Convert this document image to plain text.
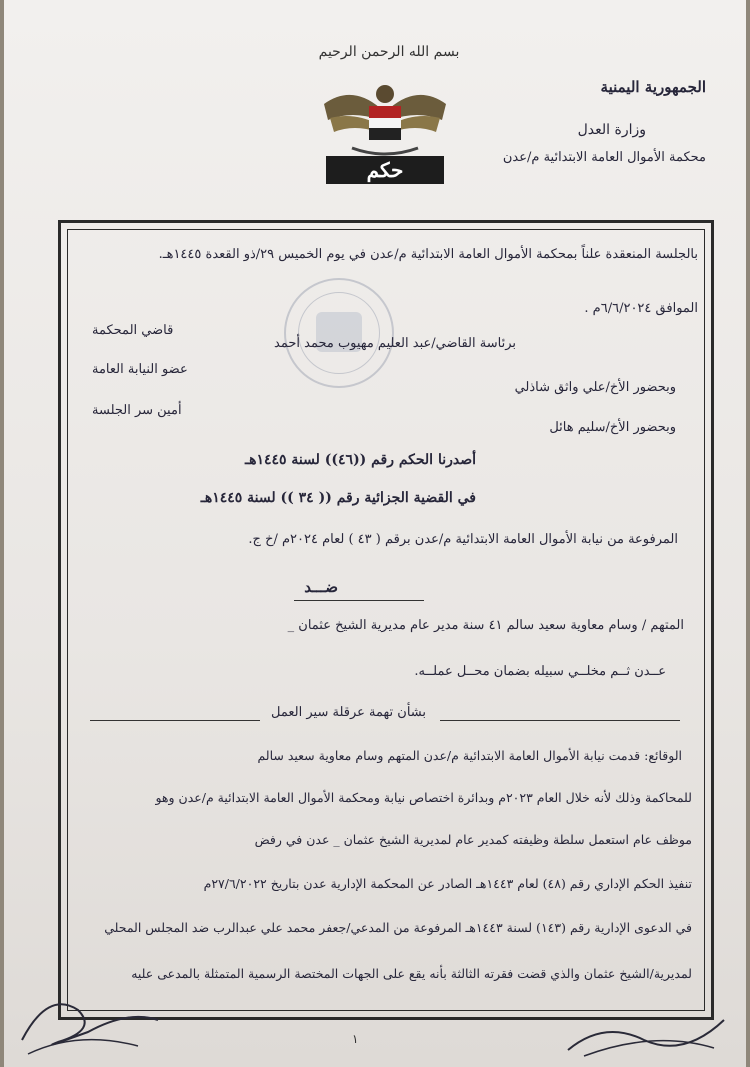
الجمهورية اليمنية
وزارة العدل
محكمة الأموال العامة الابتدائية م/عدن
بسم الله الرحمن الرحيم
حكم
بالجلسة المنعقدة علناً بمحكمة الأموال العامة الابتدائية م/عدن في يوم الخميس ٢٩/ذو القعدة ١٤٤٥هـ.
الموافق ٦/٦/٢٠٢٤م .
برئاسة القاضي/عبد العليم مهيوب محمد أحمد
قاضي المحكمة
وبحضور الأخ/علي واثق شاذلي
عضو النيابة العامة
وبحضور الأخ/سليم هائل
أمين سر الجلسة
أصدرنا الحكم رقم ((٤٦)) لسنة ١٤٤٥هـ
في القضية الجزائية رقم (( ٣٤ )) لسنة ١٤٤٥هـ
المرفوعة من نيابة الأموال العامة الابتدائية م/عدن برقم ( ٤٣ ) لعام ٢٠٢٤م /خ ج.
ضـــد
المتهم / وسام معاوية سعيد سالم ٤١ سنة مدير عام مديرية الشيخ عثمان _
عــدن ثــم مخلــي سبيله بضمان محــل عملــه.
بشأن تهمة عرقلة سير العمل
الوقائع: قدمت نيابة الأموال العامة الابتدائية م/عدن المتهم وسام معاوية سعيد سالم
للمحاكمة وذلك لأنه خلال العام ٢٠٢٣م وبدائرة اختصاص نيابة ومحكمة الأموال العامة الابتدائية م/عدن وهو
موظف عام استعمل سلطة وظيفته كمدير عام لمديرية الشيخ عثمان _ عدن في رفض
تنفيذ الحكم الإداري رقم (٤٨) لعام ١٤٤٣هـ الصادر عن المحكمة الإدارية عدن بتاريخ ٢٧/٦/٢٠٢٢م
في الدعوى الإدارية رقم (١٤٣) لسنة ١٤٤٣هـ المرفوعة من المدعي/جعفر محمد علي عبدالرب ضد المجلس المحلي
لمديرية/الشيخ عثمان والذي قضت فقرته الثالثة بأنه يقع على الجهات المختصة الرسمية المتمثلة بالمدعى عليه
١
